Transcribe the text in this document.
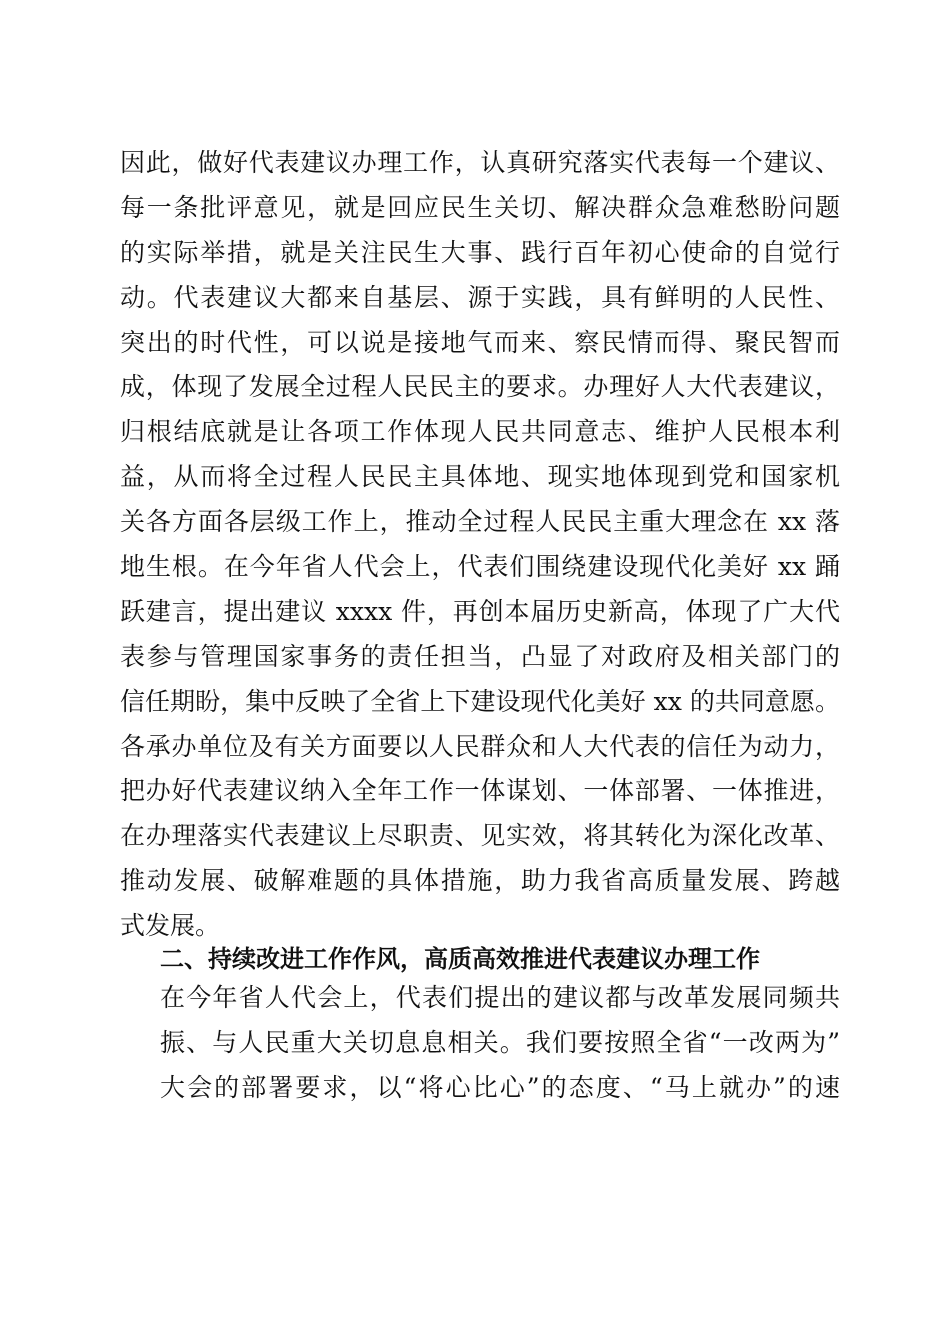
因此，做好代表建议办理工作，认真研究落实代表每一个建议、
每一条批评意见，就是回应民生关切、解决群众急难愁盼问题
的实际举措，就是关注民生大事、践行百年初心使命的自觉行
动。代表建议大都来自基层、源于实践，具有鲜明的人民性、
突出的时代性，可以说是接地气而来、察民情而得、聚民智而
成，体现了发展全过程人民民主的要求。办理好人大代表建议，
归根结底就是让各项工作体现人民共同意志、维护人民根本利
益，从而将全过程人民民主具体地、现实地体现到党和国家机
关各方面各层级工作上，推动全过程人民民主重大理念在 xx 落
地生根。在今年省人代会上，代表们围绕建设现代化美好 xx 踊
跃建言，提出建议 xxxx 件，再创本届历史新高，体现了广大代
表参与管理国家事务的责任担当，凸显了对政府及相关部门的
信任期盼，集中反映了全省上下建设现代化美好 xx 的共同意愿。
各承办单位及有关方面要以人民群众和人大代表的信任为动力，
把办好代表建议纳入全年工作一体谋划、一体部署、一体推进，
在办理落实代表建议上尽职责、见实效，将其转化为深化改革、
推动发展、破解难题的具体措施，助力我省高质量发展、跨越
式发展。
二、持续改进工作作风，高质高效推进代表建议办理工作
在今年省人代会上，代表们提出的建议都与改革发展同频共
振、与人民重大关切息息相关。我们要按照全省“一改两为”
大会的部署要求，以“将心比心”的态度、“马上就办”的速
